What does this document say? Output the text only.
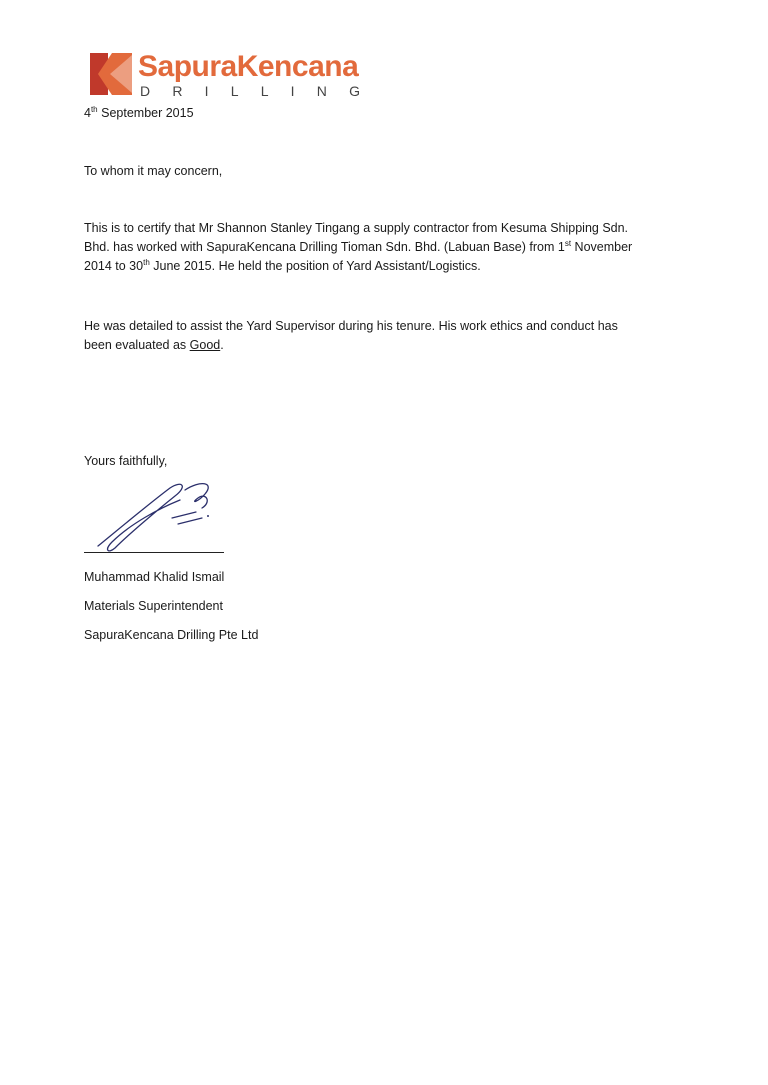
SapuraKencana
D R I L L I N G
4th September 2015
To whom it may concern,
This is to certify that Mr Shannon Stanley Tingang a supply contractor from Kesuma Shipping Sdn.
Bhd. has worked with SapuraKencana Drilling Tioman Sdn. Bhd. (Labuan Base) from 1st November
2014 to 30th June 2015. He held the position of Yard Assistant/Logistics.
He was detailed to assist the Yard Supervisor during his tenure. His work ethics and conduct has
been evaluated as Good.
Yours faithfully,
Muhammad Khalid Ismail
Materials Superintendent
SapuraKencana Drilling Pte Ltd
